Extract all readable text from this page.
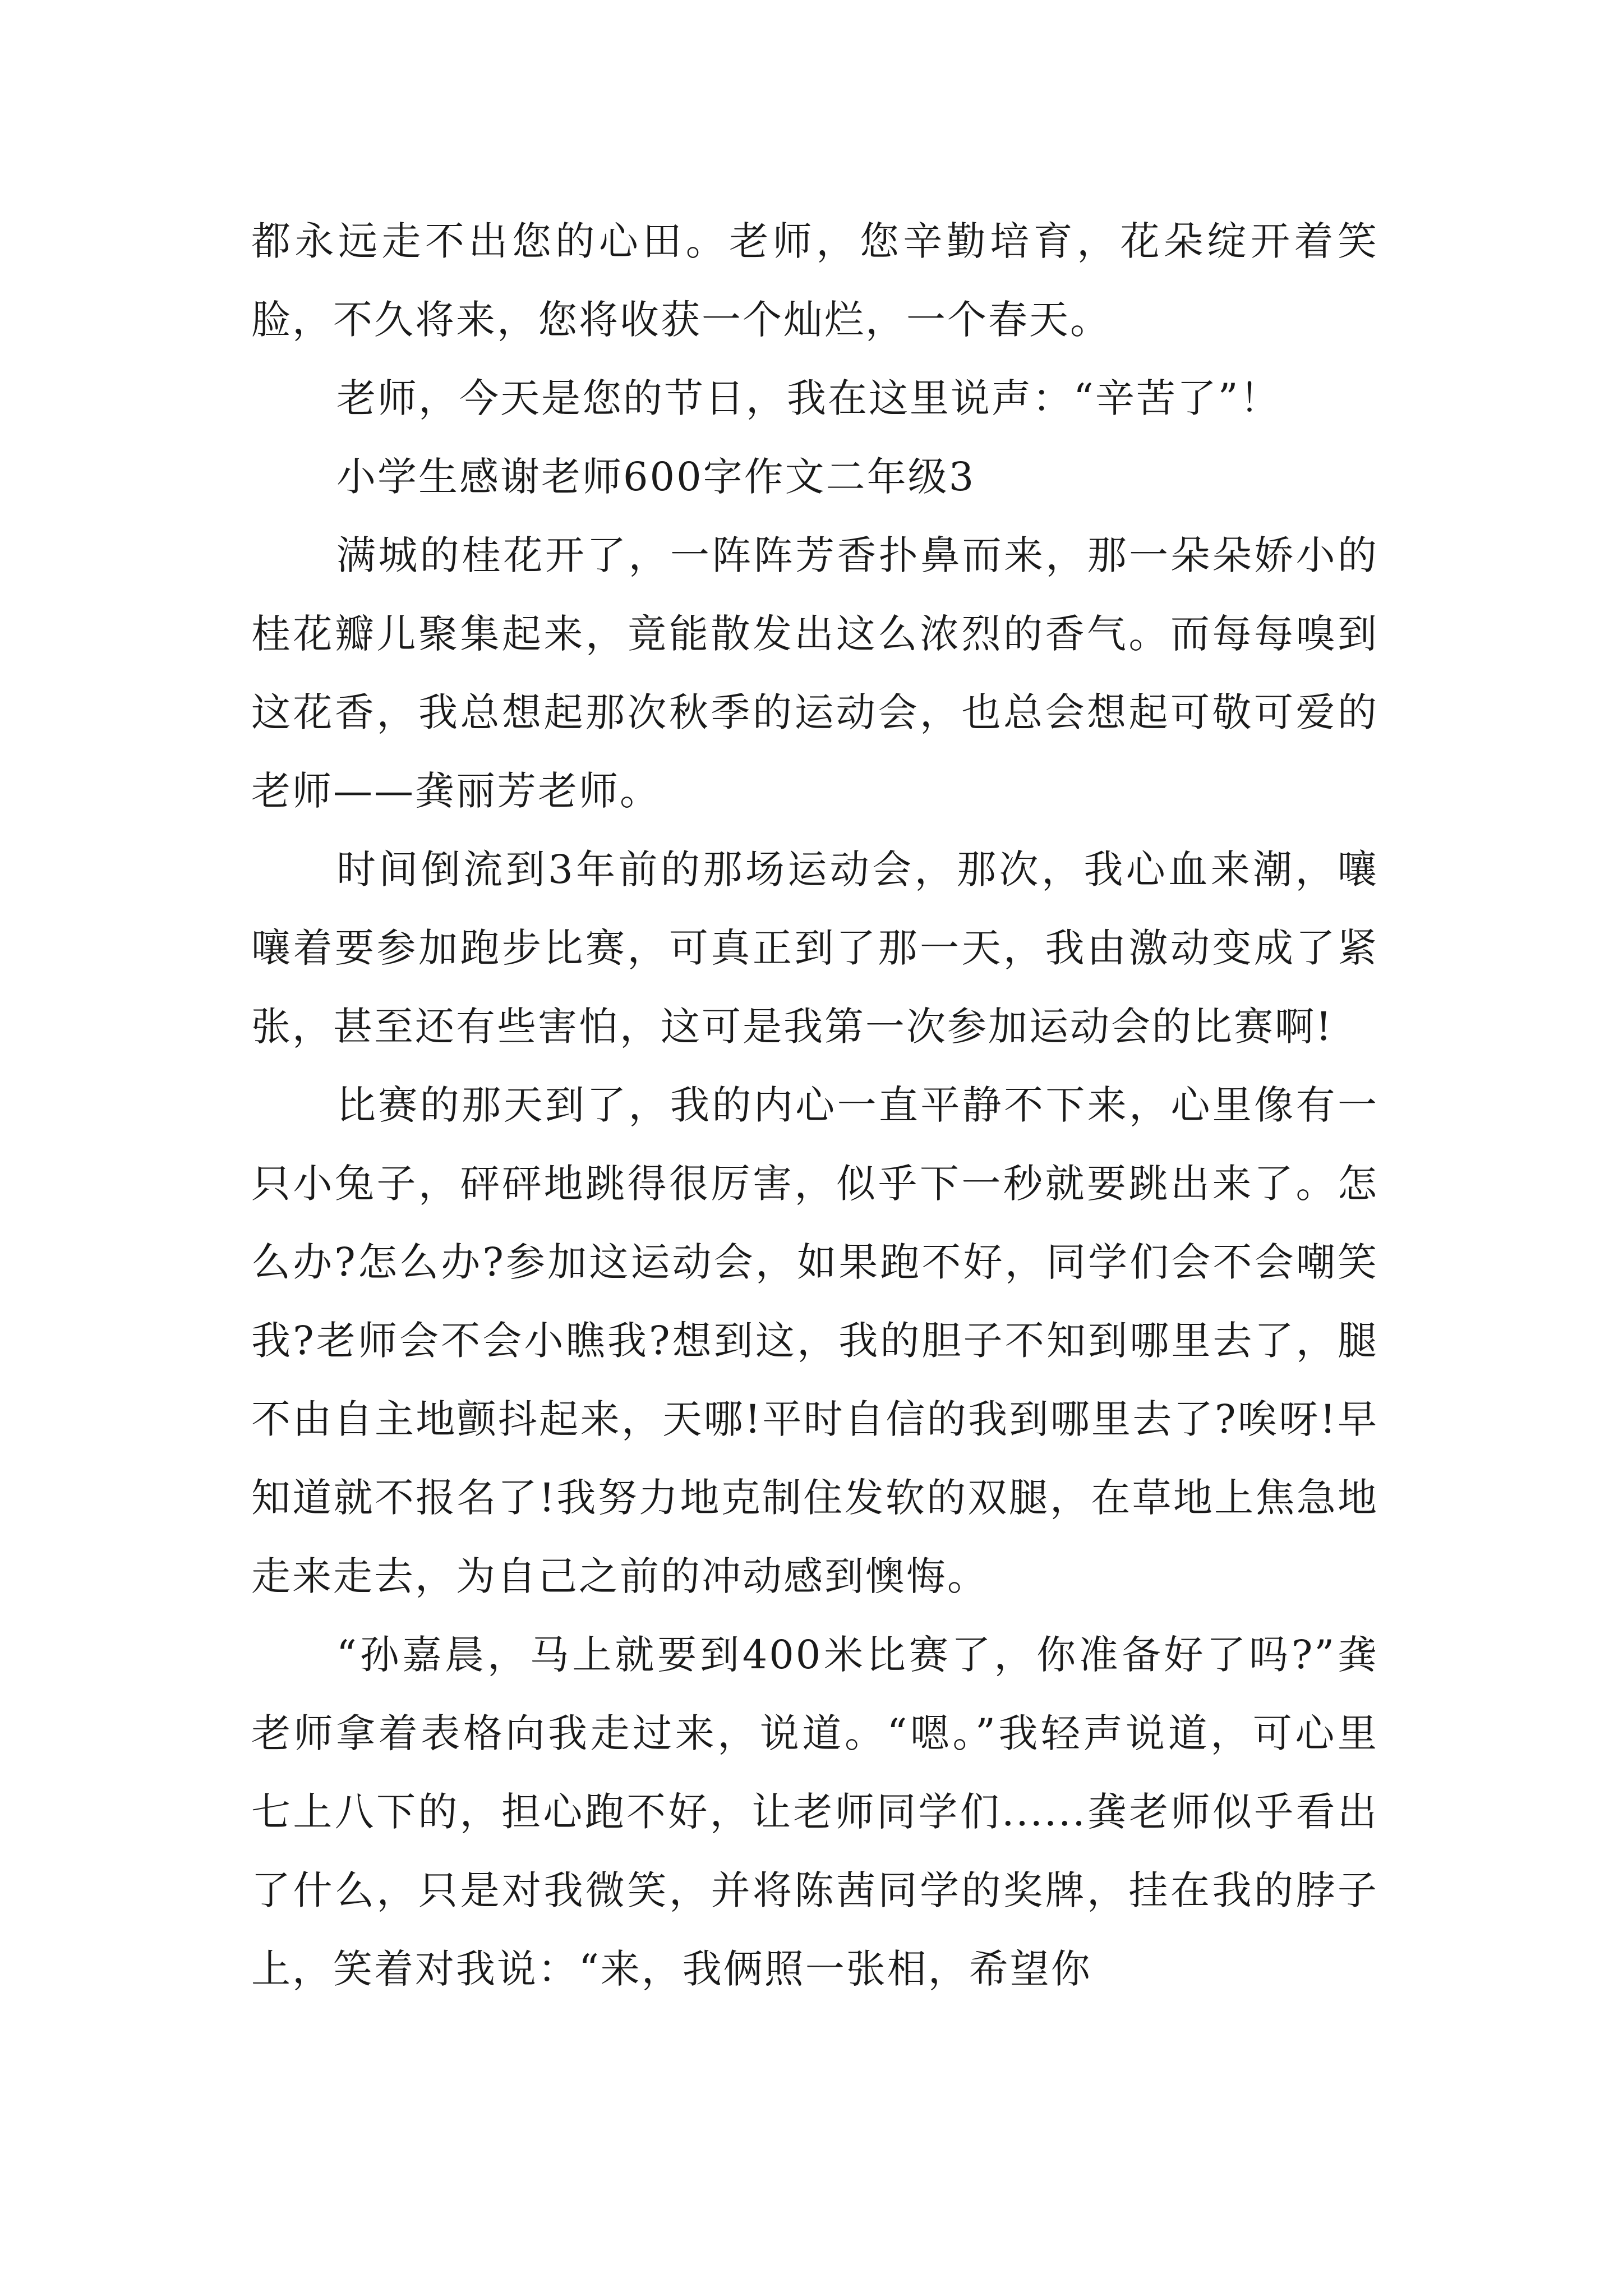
都永远走不出您的心田。老师，您辛勤培育，花朵绽开着笑脸，不久将来，您将收获一个灿烂，一个春天。

老师，今天是您的节日，我在这里说声：“辛苦了”！

小学生感谢老师600字作文二年级3

满城的桂花开了，一阵阵芳香扑鼻而来，那一朵朵娇小的桂花瓣儿聚集起来，竟能散发出这么浓烈的香气。而每每嗅到这花香，我总想起那次秋季的运动会，也总会想起可敬可爱的老师——龚丽芳老师。

时间倒流到3年前的那场运动会，那次，我心血来潮，嚷嚷着要参加跑步比赛，可真正到了那一天，我由激动变成了紧张，甚至还有些害怕，这可是我第一次参加运动会的比赛啊!

比赛的那天到了，我的内心一直平静不下来，心里像有一只小兔子，砰砰地跳得很厉害，似乎下一秒就要跳出来了。怎么办?怎么办?参加这运动会，如果跑不好，同学们会不会嘲笑我?老师会不会小瞧我?想到这，我的胆子不知到哪里去了，腿不由自主地颤抖起来，天哪!平时自信的我到哪里去了?唉呀!早知道就不报名了!我努力地克制住发软的双腿，在草地上焦急地走来走去，为自己之前的冲动感到懊悔。

“孙嘉晨，马上就要到400米比赛了，你准备好了吗?”龚老师拿着表格向我走过来，说道。“嗯。”我轻声说道，可心里七上八下的，担心跑不好，让老师同学们......龚老师似乎看出了什么，只是对我微笑，并将陈茜同学的奖牌，挂在我的脖子上，笑着对我说：“来，我俩照一张相，希望你
